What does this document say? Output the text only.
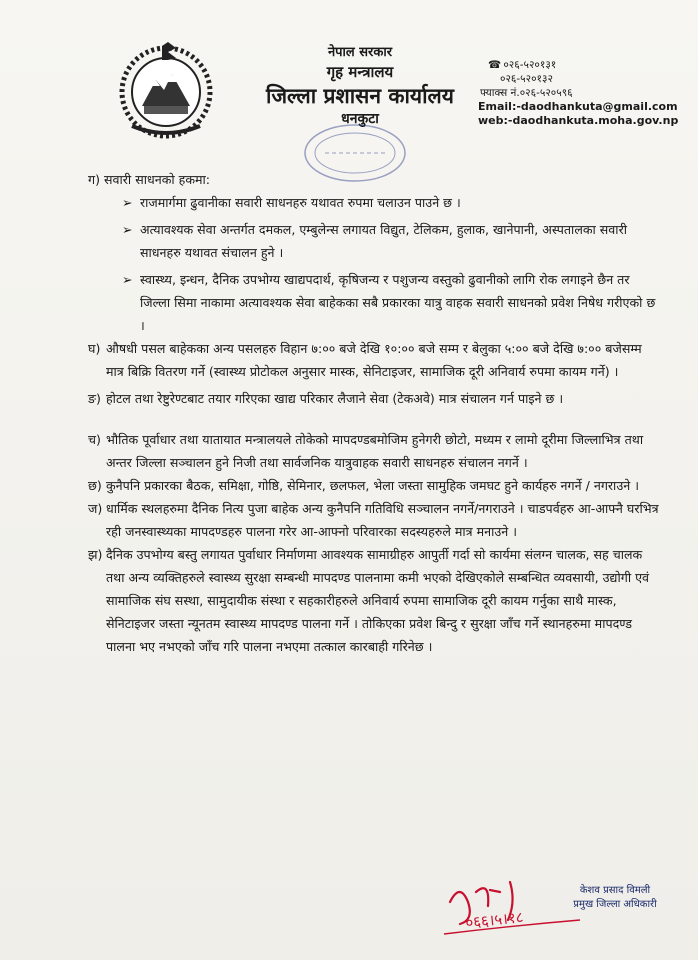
नेपाल सरकार
गृह मन्त्रालय
जिल्ला प्रशासन कार्यालय
धनकुटा
☎ ०२६-५२०१३१
०२६-५२०१३२
फ्याक्स नं.०२६-५२०५९६
Email:-daodhankuta@gmail.com
web:-daodhankuta.moha.gov.np
ग) सवारी साधनको हकमा:
➢ राजमार्गमा ढुवानीका सवारी साधनहरु यथावत रुपमा चलाउन पाउने छ ।
➢ अत्यावश्यक सेवा अन्तर्गत दमकल, एम्बुलेन्स लगायत विद्युत, टेलिकम, हुलाक, खानेपानी, अस्पतालका सवारी साधनहरु यथावत संचालन हुने ।
➢ स्वास्थ्य, इन्धन, दैनिक उपभोग्य खाद्यपदार्थ, कृषिजन्य र पशुजन्य वस्तुको ढुवानीको लागि रोक लगाइने छैन तर जिल्ला सिमा नाकामा अत्यावश्यक सेवा बाहेकका सबै प्रकारका यात्रु वाहक सवारी साधनको प्रवेश निषेध गरीएको छ ।
घ) औषधी पसल बाहेकका अन्य पसलहरु विहान ७:०० बजे देखि १०:०० बजे सम्म र बेलुका ५:०० बजे देखि ७:०० बजेसम्म मात्र बिक्रि वितरण गर्ने (स्वास्थ्य प्रोटोकल अनुसार मास्क, सेनिटाइजर, सामाजिक दूरी अनिवार्य रुपमा कायम गर्ने) ।
ङ) होटल तथा रेष्टुरेण्टबाट तयार गरिएका खाद्य परिकार लैजाने सेवा (टेकअवे) मात्र संचालन गर्न पाइने छ ।
च) भौतिक पूर्वाधार तथा यातायात मन्त्रालयले तोकेको मापदण्डबमोजिम हुनेगरी छोटो, मध्यम र लामो दूरीमा जिल्लाभित्र तथा अन्तर जिल्ला सञ्चालन हुने निजी तथा सार्वजनिक यात्रुवाहक सवारी साधनहरु संचालन नगर्ने ।
छ) कुनैपनि प्रकारका बैठक, समिक्षा, गोष्ठि, सेमिनार, छलफल, भेला जस्ता सामुहिक जमघट हुने कार्यहरु नगर्ने / नगराउने ।
ज) धार्मिक स्थलहरुमा दैनिक नित्य पुजा बाहेक अन्य कुनैपनि गतिविधि सञ्चालन नगर्ने/नगराउने । चाडपर्वहरु आ-आफ्नै घरभित्र रही जनस्वास्थ्यका मापदण्डहरु पालना गरेर आ-आफ्नो परिवारका सदस्यहरुले मात्र मनाउने ।
झ) दैनिक उपभोग्य बस्तु लगायत पुर्वाधार निर्माणमा आवश्यक सामाग्रीहरु आपुर्ती गर्दा सो कार्यमा संलग्न चालक, सह चालक तथा अन्य व्यक्तिहरुले स्वास्थ्य सुरक्षा सम्बन्धी मापदण्ड पालनामा कमी भएको देखिएकोले सम्बन्धित व्यवसायी, उद्योगी एवं सामाजिक संघ सस्था, सामुदायीक संस्था र सहकारीहरुले अनिवार्य रुपमा सामाजिक दूरी कायम गर्नुका साथै मास्क, सेनिटाइजर जस्ता न्यूनतम स्वास्थ्य मापदण्ड पालना गर्ने । तोकिएका प्रवेश बिन्दु र सुरक्षा जाँच गर्ने स्थानहरुमा मापदण्ड पालना भए नभएको जाँच गरि पालना नभएमा तत्काल कारबाही गरिनेछ ।
०६६।५।१८
केशव प्रसाद विमली
प्रमुख जिल्ला अधिकारी
